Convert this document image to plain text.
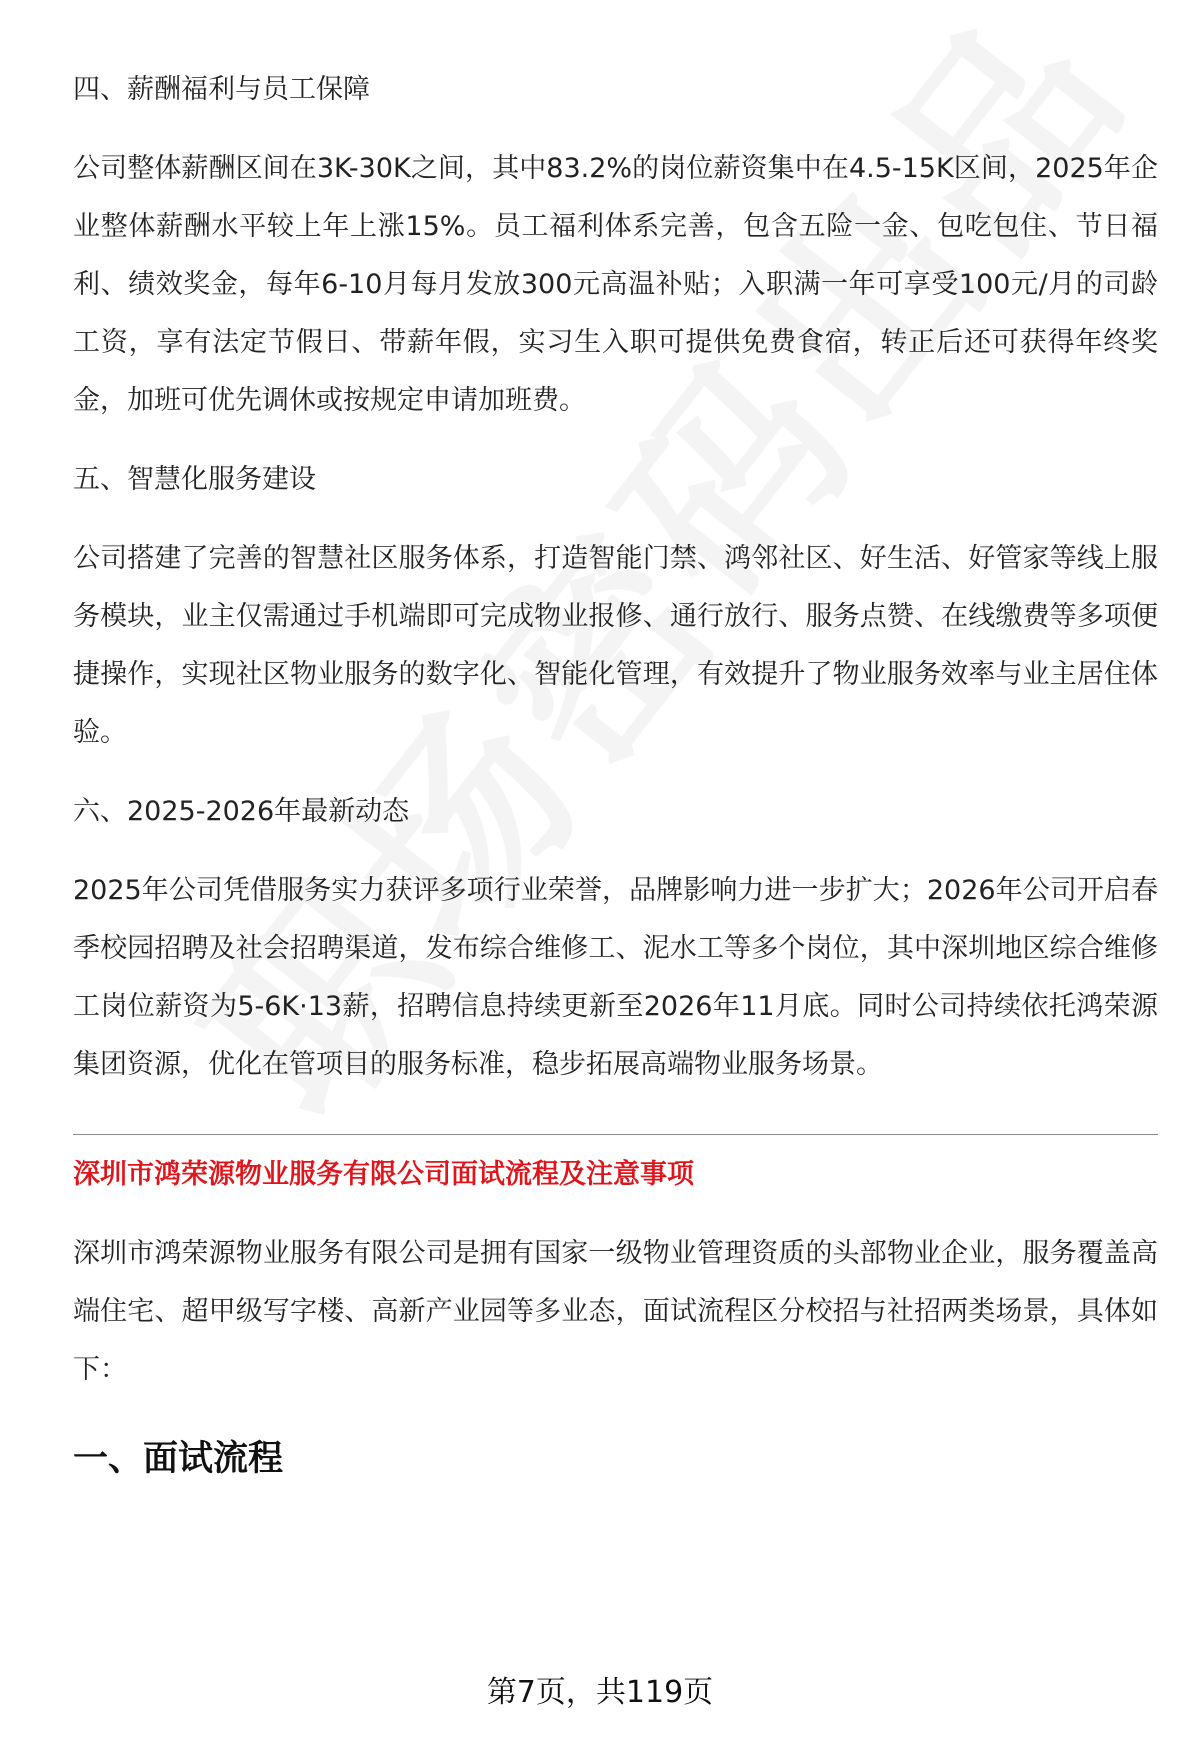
四、薪酬福利与员工保障

公司整体薪酬区间在3K-30K之间，其中83.2%的岗位薪资集中在4.5-15K区间，2025年企业整体薪酬水平较上年上涨15%。员工福利体系完善，包含五险一金、包吃包住、节日福利、绩效奖金，每年6-10月每月发放300元高温补贴；入职满一年可享受100元/月的司龄工资，享有法定节假日、带薪年假，实习生入职可提供免费食宿，转正后还可获得年终奖金，加班可优先调休或按规定申请加班费。

五、智慧化服务建设

公司搭建了完善的智慧社区服务体系，打造智能门禁、鸿邻社区、好生活、好管家等线上服务模块，业主仅需通过手机端即可完成物业报修、通行放行、服务点赞、在线缴费等多项便捷操作，实现社区物业服务的数字化、智能化管理，有效提升了物业服务效率与业主居住体验。

六、2025-2026年最新动态

2025年公司凭借服务实力获评多项行业荣誉，品牌影响力进一步扩大；2026年公司开启春季校园招聘及社会招聘渠道，发布综合维修工、泥水工等多个岗位，其中深圳地区综合维修工岗位薪资为5-6K·13薪，招聘信息持续更新至2026年11月底。同时公司持续依托鸿荣源集团资源，优化在管项目的服务标准，稳步拓展高端物业服务场景。

深圳市鸿荣源物业服务有限公司面试流程及注意事项

深圳市鸿荣源物业服务有限公司是拥有国家一级物业管理资质的头部物业企业，服务覆盖高端住宅、超甲级写字楼、高新产业园等多业态，面试流程区分校招与社招两类场景，具体如下：

一、面试流程
第7页，共119页
